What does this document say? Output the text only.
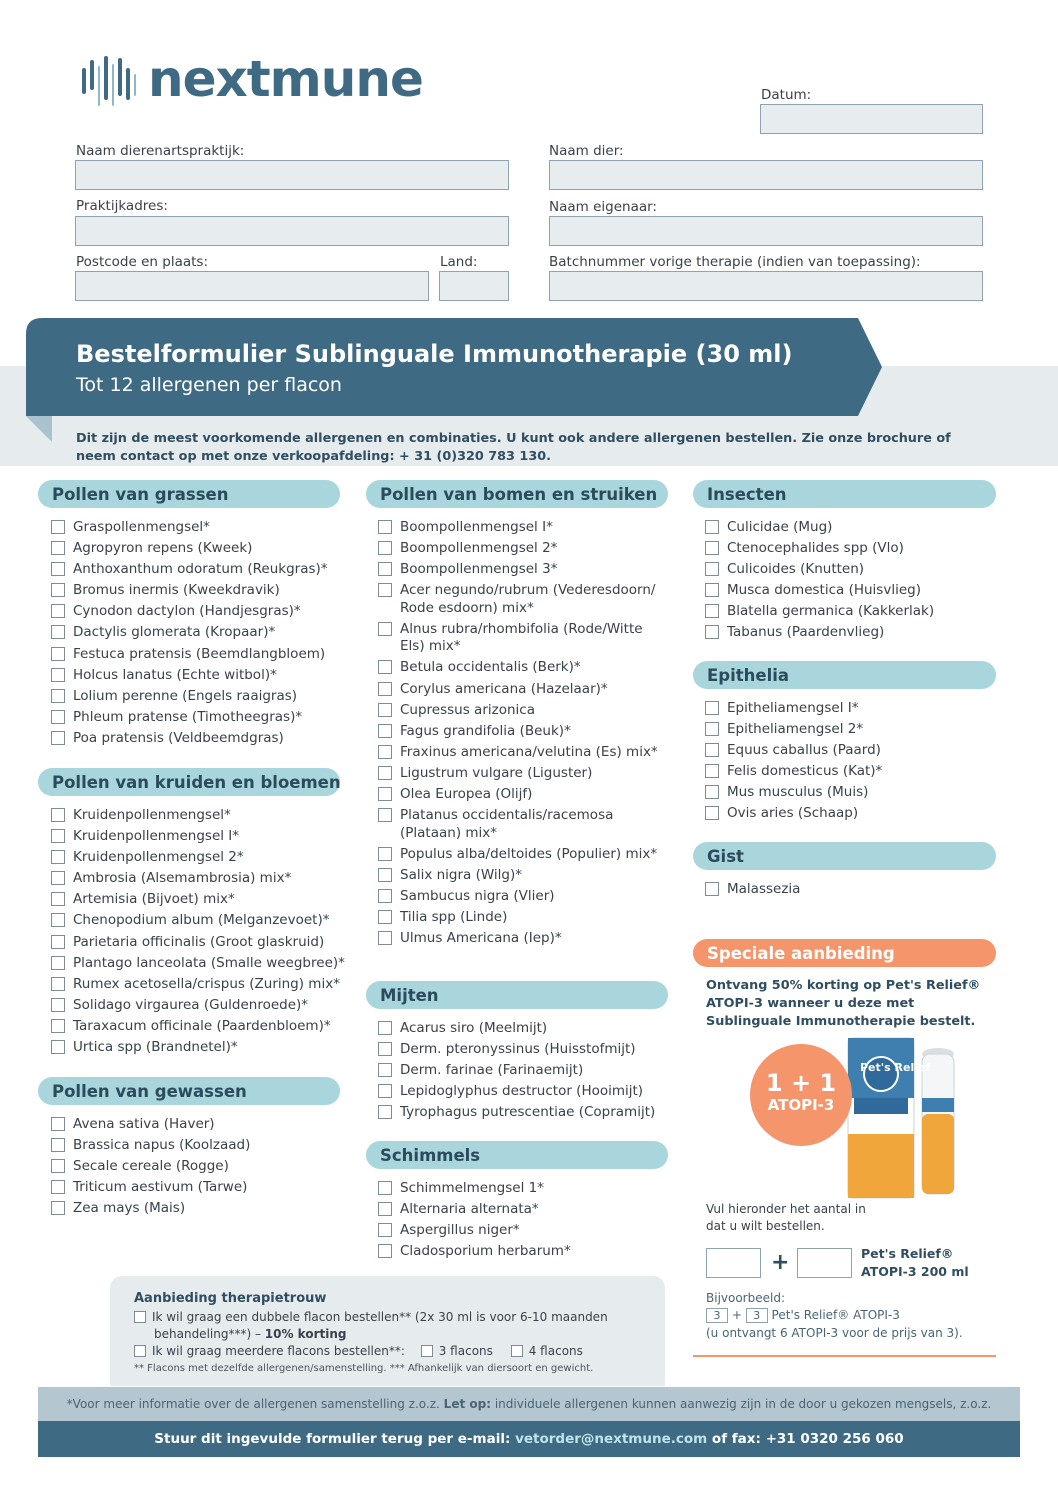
nextmune	Datum:
Naam dierenartspraktijk:
Praktijkadres:
Postcode en plaats:	Land:
Naam dier:
Naam eigenaar:
Batchnummer vorige therapie (indien van toepassing):
Bestelformulier Sublinguale Immunotherapie (30 ml)
Tot 12 allergenen per flacon
Dit zijn de meest voorkomende allergenen en combinaties. U kunt ook andere allergenen bestellen. Zie onze brochure of neem contact op met onze verkoopafdeling: + 31 (0)320 783 130.
Pollen van grassen
Graspollenmengsel*
Agropyron repens (Kweek)
Anthoxanthum odoratum (Reukgras)*
Bromus inermis (Kweekdravik)
Cynodon dactylon (Handjesgras)*
Dactylis glomerata (Kropaar)*
Festuca pratensis (Beemdlangbloem)
Holcus lanatus (Echte witbol)*
Lolium perenne (Engels raaigras)
Phleum pratense (Timotheegras)*
Poa pratensis (Veldbeemdgras)
Pollen van kruiden en bloemen
Kruidenpollenmengsel*
Kruidenpollenmengsel I*
Kruidenpollenmengsel 2*
Ambrosia (Alsemambrosia) mix*
Artemisia (Bijvoet) mix*
Chenopodium album (Melganzevoet)*
Parietaria officinalis (Groot glaskruid)
Plantago lanceolata (Smalle weegbree)*
Rumex acetosella/crispus (Zuring) mix*
Solidago virgaurea (Guldenroede)*
Taraxacum officinale (Paardenbloem)*
Urtica spp (Brandnetel)*
Pollen van gewassen
Avena sativa (Haver)
Brassica napus (Koolzaad)
Secale cereale (Rogge)
Triticum aestivum (Tarwe)
Zea mays (Mais)
Pollen van bomen en struiken
Boompollenmengsel I*
Boompollenmengsel 2*
Boompollenmengsel 3*
Acer negundo/rubrum (Vederesdoorn/ Rode esdoorn) mix*
Alnus rubra/rhombifolia (Rode/Witte Els) mix*
Betula occidentalis (Berk)*
Corylus americana (Hazelaar)*
Cupressus arizonica
Fagus grandifolia (Beuk)*
Fraxinus americana/velutina (Es) mix*
Ligustrum vulgare (Liguster)
Olea Europea (Olijf)
Platanus occidentalis/racemosa (Plataan) mix*
Populus alba/deltoides (Populier) mix*
Salix nigra (Wilg)*
Sambucus nigra (Vlier)
Tilia spp (Linde)
Ulmus Americana (Iep)*
Mijten
Acarus siro (Meelmijt)
Derm. pteronyssinus (Huisstofmijt)
Derm. farinae (Farinaemijt)
Lepidoglyphus destructor (Hooimijt)
Tyrophagus putrescentiae (Copramijt)
Schimmels
Schimmelmengsel 1*
Alternaria alternata*
Aspergillus niger*
Cladosporium herbarum*
Insecten
Culicidae (Mug)
Ctenocephalides spp (Vlo)
Culicoides (Knutten)
Musca domestica (Huisvlieg)
Blatella germanica (Kakkerlak)
Tabanus (Paardenvlieg)
Epithelia
Epitheliamengsel I*
Epitheliamengsel 2*
Equus caballus (Paard)
Felis domesticus (Kat)*
Mus musculus (Muis)
Ovis aries (Schaap)
Gist
Malassezia
Speciale aanbieding
Ontvang 50% korting op Pet's Relief® ATOPI-3 wanneer u deze met Sublinguale Immunotherapie bestelt.
Pet's Relief
ATOPI-3
1 + 1
ATOPI-3
Vul hieronder het aantal in dat u wilt bestellen.
+	Pet's Relief® ATOPI-3 200 ml
Bijvoorbeeld:
3 + 3 Pet's Relief® ATOPI-3
(u ontvangt 6 ATOPI-3 voor de prijs van 3).
Aanbieding therapietrouw
Ik wil graag een dubbele flacon bestellen** (2x 30 ml is voor 6-10 maanden
behandeling***) – 10% korting
Ik wil graag meerdere flacons bestellen**:	3 flacons	4 flacons
** Flacons met dezelfde allergenen/samenstelling. *** Afhankelijk van diersoort en gewicht.
*Voor meer informatie over de allergenen samenstelling z.o.z. Let op: individuele allergenen kunnen aanwezig zijn in de door u gekozen mengsels, z.o.z.
Stuur dit ingevulde formulier terug per e-mail: vetorder@nextmune.com of fax: +31 0320 256 060
